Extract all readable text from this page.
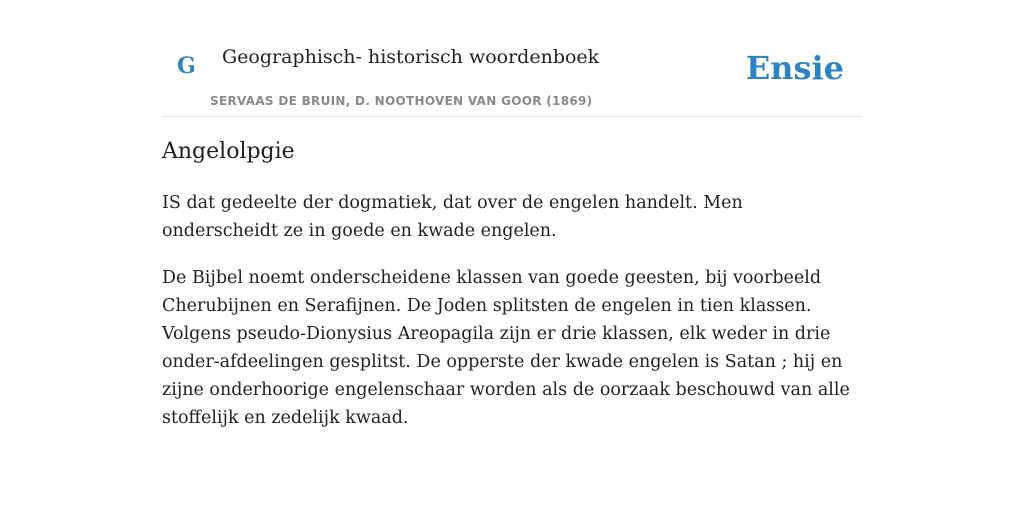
G Geographisch- historisch woordenboek
SERVAAS DE BRUIN, D. NOOTHOVEN VAN GOOR (1869)
Ensie
Angelolpgie

IS dat gedeelte der dogmatiek, dat over de engelen handelt. Men onderscheidt ze in goede en kwade engelen.

De Bijbel noemt onderscheidene klassen van goede geesten, bij voorbeeld Cherubijnen en Serafijnen. De Joden splitsten de engelen in tien klassen. Volgens pseudo-Dionysius Areopagila zijn er drie klassen, elk weder in drie onder-afdeelingen gesplitst. De opperste der kwade engelen is Satan ; hij en zijne onderhoorige engelenschaar worden als de oorzaak beschouwd van alle stoffelijk en zedelijk kwaad.
